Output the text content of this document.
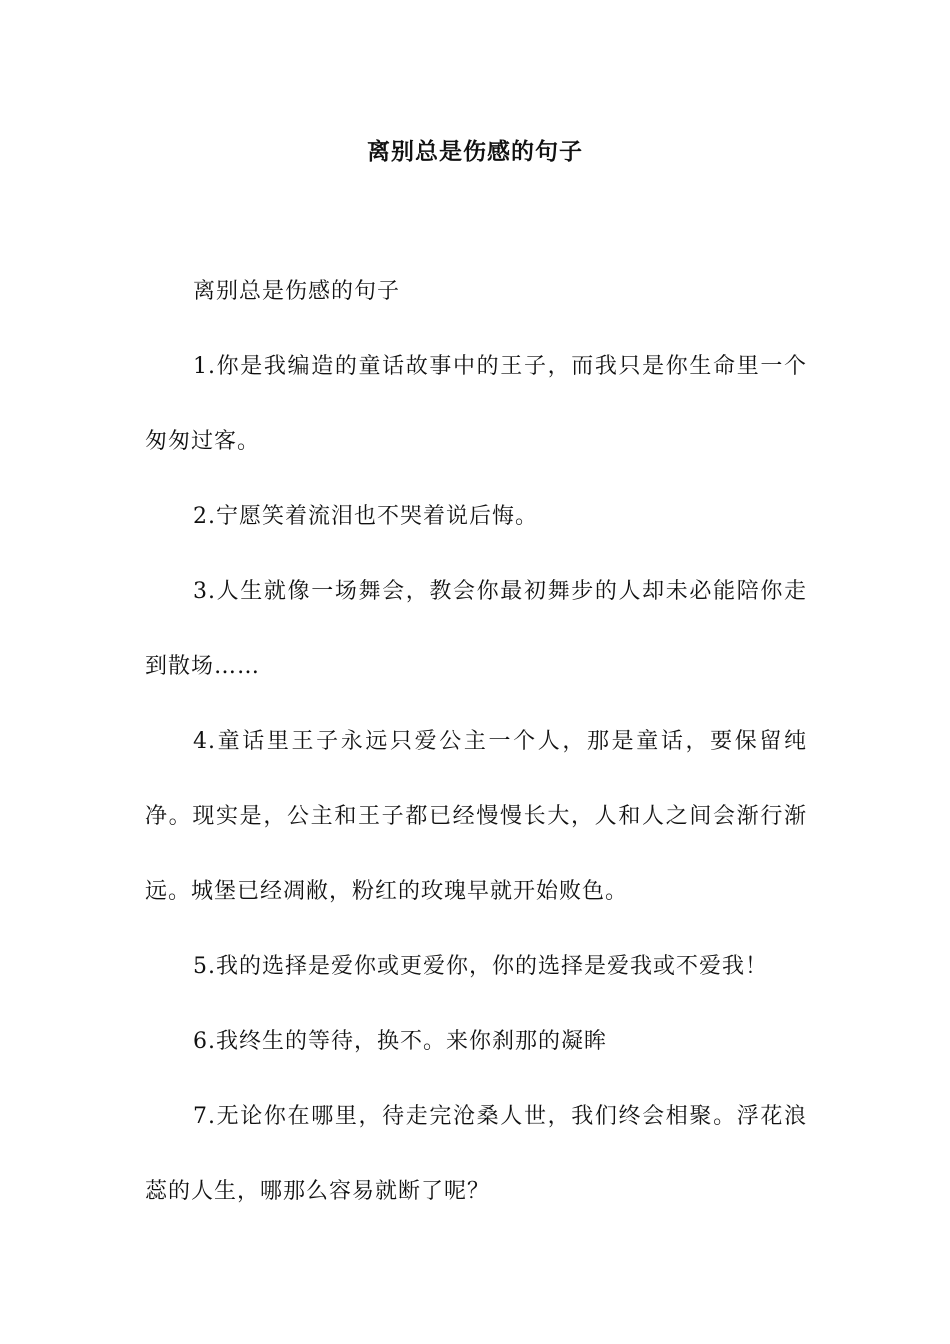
离别总是伤感的句子

离别总是伤感的句子

1.你是我编造的童话故事中的王子，而我只是你生命里一个匆匆过客。

2.宁愿笑着流泪也不哭着说后悔。

3.人生就像一场舞会，教会你最初舞步的人却未必能陪你走到散场……

4.童话里王子永远只爱公主一个人，那是童话，要保留纯净。现实是，公主和王子都已经慢慢长大，人和人之间会渐行渐远。城堡已经凋敝，粉红的玫瑰早就开始败色。

5.我的选择是爱你或更爱你，你的选择是爱我或不爱我！

6.我终生的等待，换不。来你刹那的凝眸

7.无论你在哪里，待走完沧桑人世，我们终会相聚。浮花浪蕊的人生，哪那么容易就断了呢？
